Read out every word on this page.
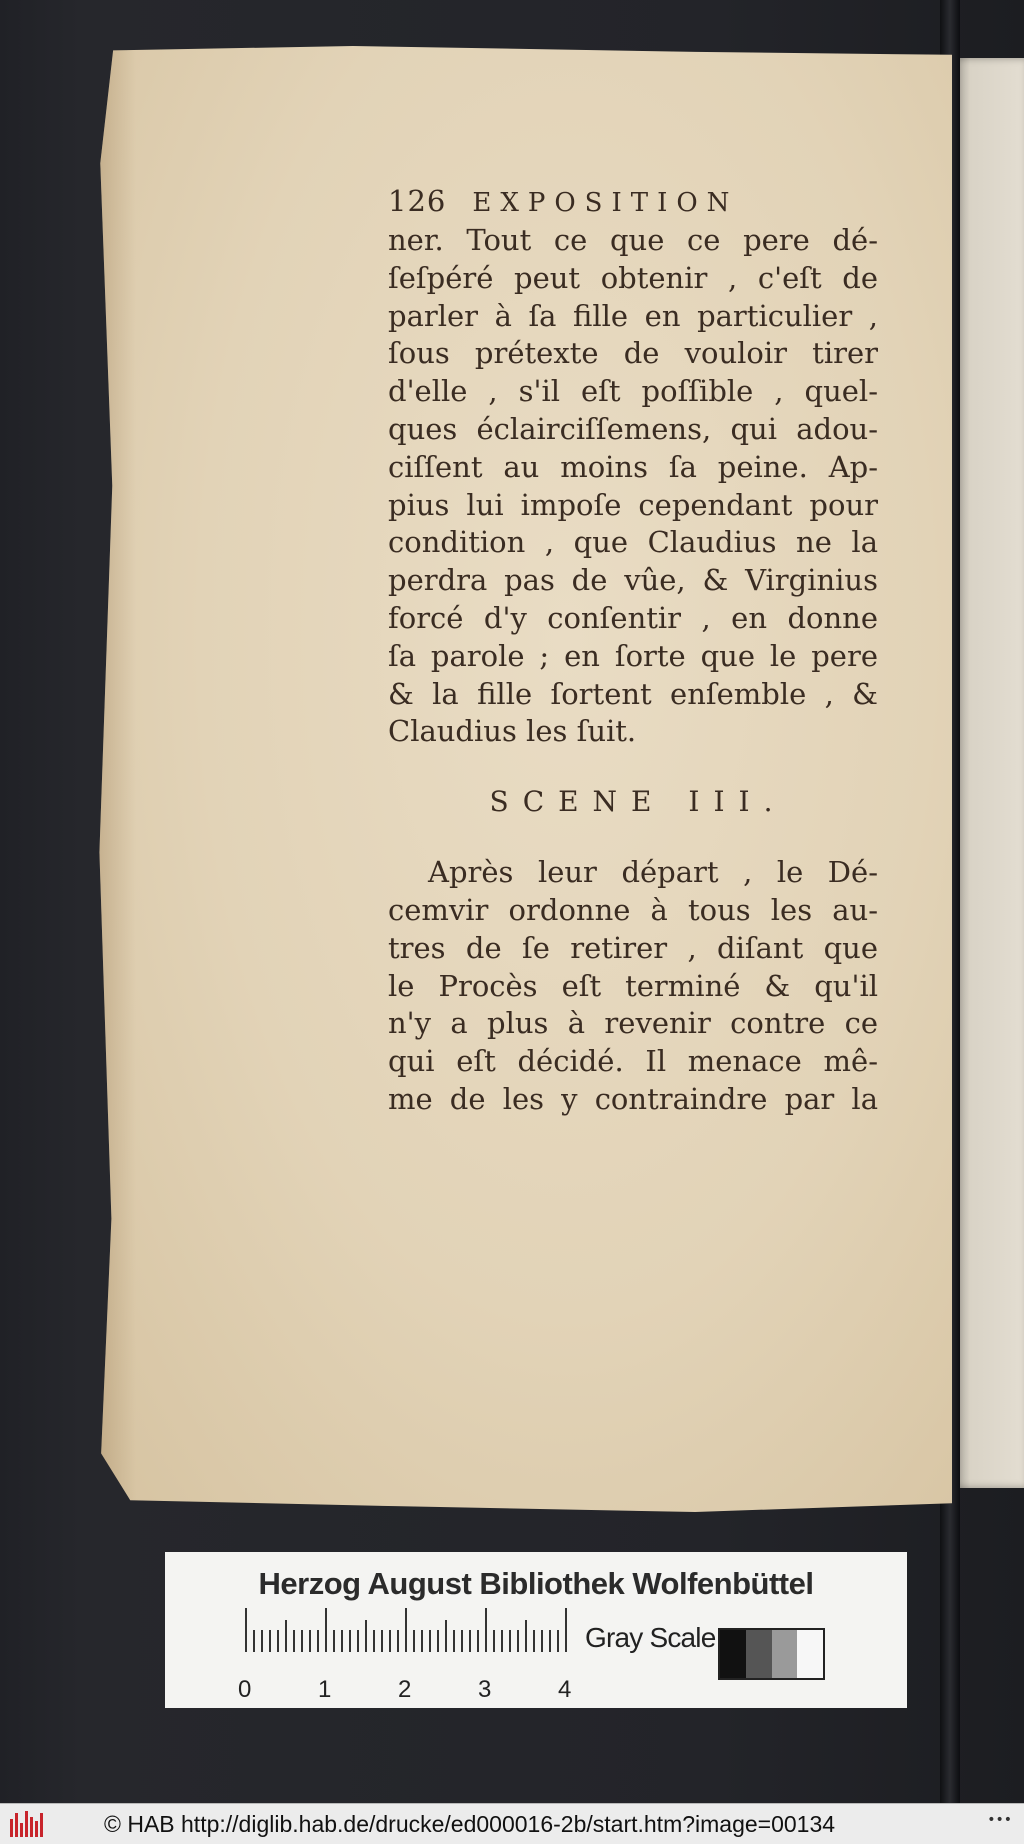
126 EXPOSITION
ner. Tout ce que ce pere dé-
ſeſpéré peut obtenir , c'eſt de
parler à ſa fille en particulier ,
ſous prétexte de vouloir tirer
d'elle , s'il eſt poſſible , quel-
ques éclairciſſemens, qui adou-
ciſſent au moins ſa peine. Ap-
pius lui impoſe cependant pour
condition , que Claudius ne la
perdra pas de vûe, & Virginius
forcé d'y conſentir , en donne
ſa parole ; en ſorte que le pere
& la fille ſortent enſemble , &
Claudius les ſuit.
SCENE III.
Après leur départ , le Dé-
cemvir ordonne à tous les au-
tres de ſe retirer , diſant que
le Procès eſt terminé & qu'il
n'y a plus à revenir contre ce
qui eſt décidé. Il menace mê-
me de les y contraindre par la
Herzog August Bibliothek Wolfenbüttel
0	1	2	3	4
Gray Scale
© HAB http://diglib.hab.de/drucke/ed000016-2b/start.htm?image=00134	•••
